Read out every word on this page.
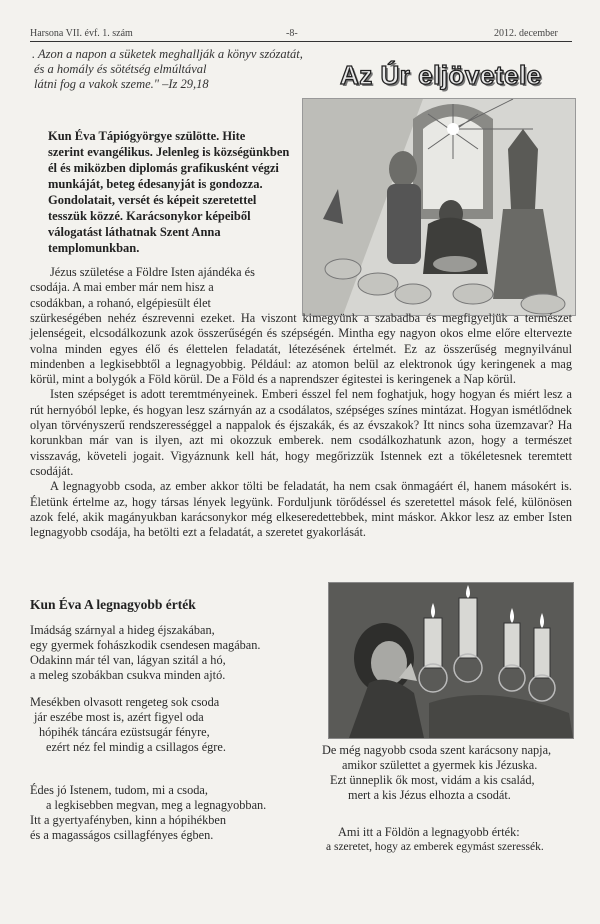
Harsona VII. évf. 1. szám	-8-	2012. december
. Azon a napon a süketek meghallják a könyv szózatát,
és a homály és sötétség elmúltával
látni fog a vakok szeme." –Iz 29,18	Az Úr eljövetele
Kun Éva Tápiógyörgye szülötte. Hite
szerint evangélikus. Jelenleg is községünkben
él és miközben diplomás grafikusként végzi
munkáját, beteg édesanyját is gondozza.
Gondolatait, versét és képeit szeretettel
tesszük közzé. Karácsonykor képeiből
válogatást láthatnak Szent Anna
templomunkban.

Jézus születése a Földre Isten ajándéka és

csodája. A mai ember már nem hisz a
csodákban, a rohanó, elgépiesült élet
szürkeségében nehéz észrevenni ezeket. Ha viszont kimegyünk a szabadba és megfigyeljük a természet jelenségeit, elcsodálkozunk azok összerűségén és szépségén. Mintha egy nagyon okos elme előre eltervezte volna minden egyes élő és élettelen feladatát, létezésének értelmét. Ez az összerűség megnyilvánul mindenben a legkisebbtől a legnagyobbig. Például: az atomon belül az elektronok úgy keringenek a mag körül, mint a bolygók a Föld körül. De a Föld és a naprendszer égitestei is keringenek a Nap körül.

Isten szépséget is adott teremtményeinek. Emberi ésszel fel nem foghatjuk, hogy hogyan és miért lesz a rút hernyóból lepke, és hogyan lesz szárnyán az a csodálatos, szépséges színes mintázat. Hogyan ismétlődnek olyan törvényszerű rendszerességgel a nappalok és éjszakák, és az évszakok? Itt nincs soha üzemzavar? Ha korunkban már van is ilyen, azt mi okozzuk emberek. nem csodálkozhatunk azon, hogy a természet visszavág, követeli jogait. Vigyáznunk kell hát, hogy megőrizzük Istennek ezt a tökéletesnek teremtett csodáját.

A legnagyobb csoda, az ember akkor tölti be feladatát, ha nem csak önmagáért él, hanem másokért is. Életünk értelme az, hogy társas lények legyünk. Forduljunk törődéssel és szeretettel mások felé, különösen azok felé, akik magányukban karácsonykor még elkeseredettebbek, mint máskor. Akkor lesz az ember Isten legnagyobb csodája, ha betölti ezt a feladatát, a szeretet gyakorlását.

Kun Éva A legnagyobb érték
Imádság szárnyal a hideg éjszakában,
egy gyermek fohászkodik csendesen magában.
Odakinn már tél van, lágyan szitál a hó,
a meleg szobákban csukva minden ajtó.
Mesékben olvasott rengeteg sok csoda
jár eszébe most is, azért figyel oda
hópihék táncára ezüstsugár fényre,
ezért néz fel mindig a csillagos égre.
Édes jó Istenem, tudom, mi a csoda,
a legkisebben megvan, meg a legnagyobban.
Itt a gyertyafényben, kinn a hópihékben
és a magasságos csillagfényes égben.
De még nagyobb csoda szent karácsony napja,
amikor születtet a gyermek kis Jézuska.
Ezt ünneplik ők most, vidám a kis család,
mert a kis Jézus elhozta a csodát.
Ami itt a Földön a legnagyobb érték:
a szeretet, hogy az emberek egymást szeressék.
